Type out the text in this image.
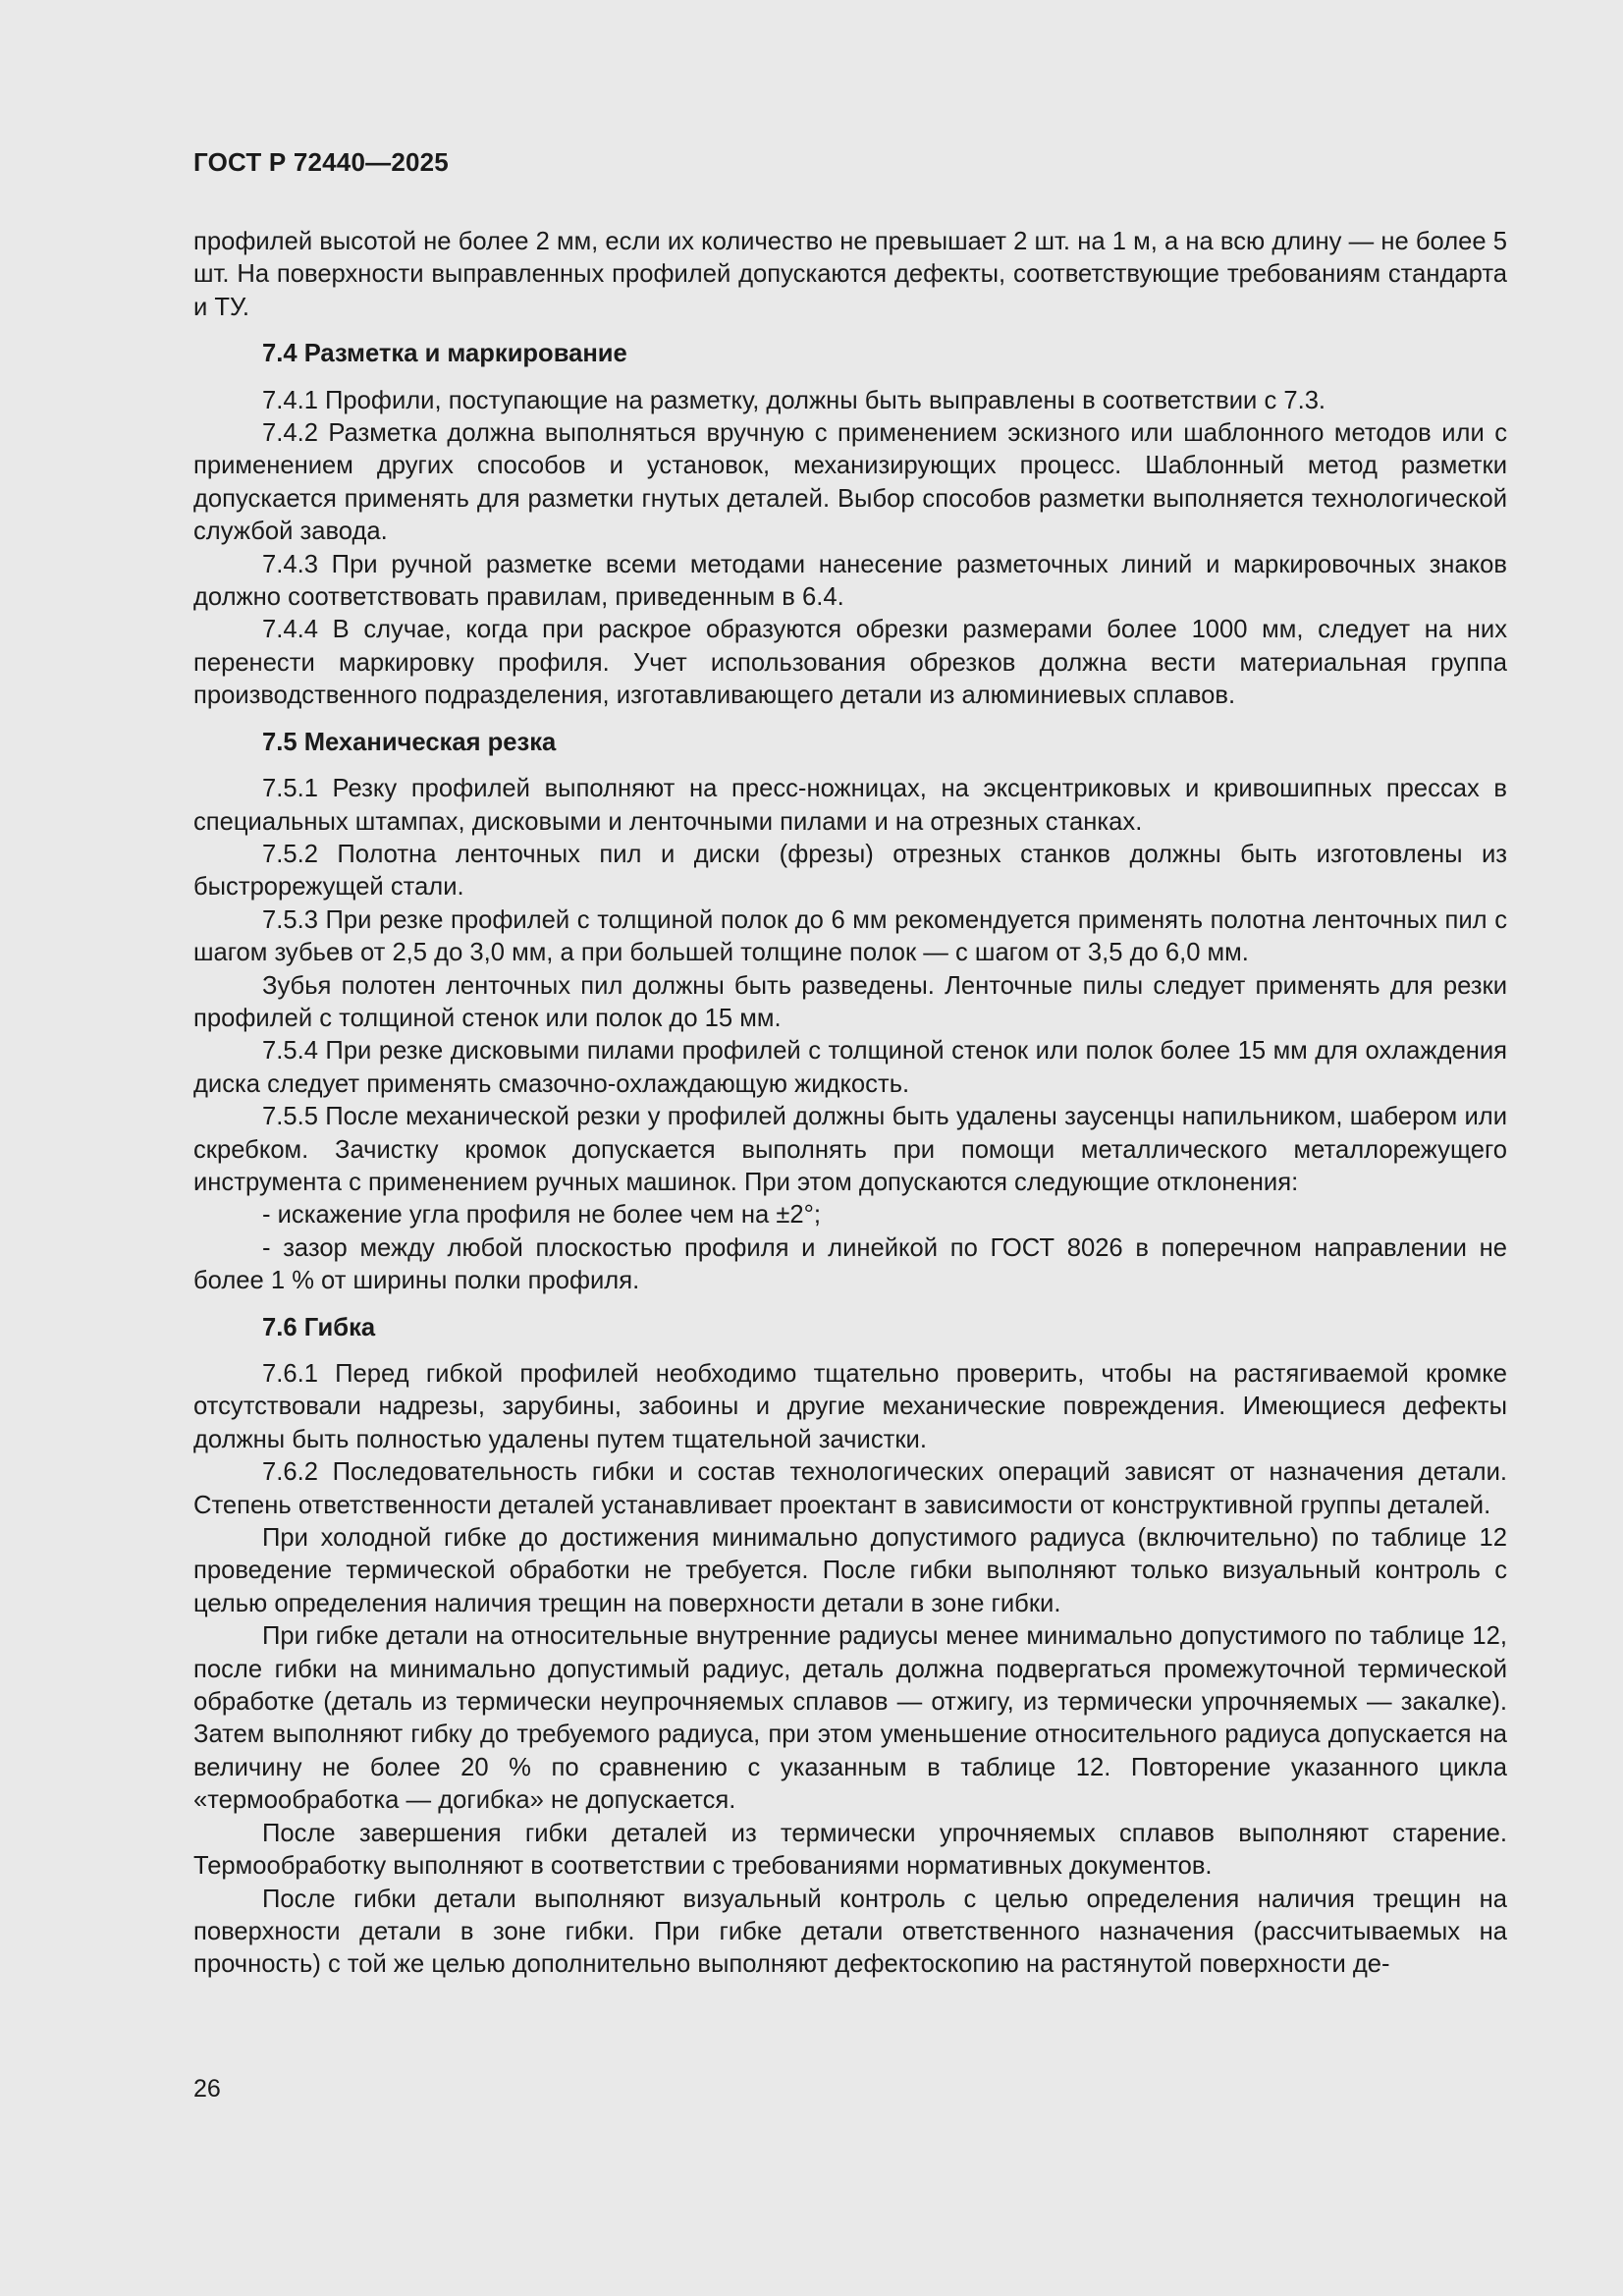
ГОСТ Р 72440—2025

профилей высотой не более 2 мм, если их количество не превышает 2 шт. на 1 м, а на всю длину — не более 5 шт. На поверхности выправленных профилей допускаются дефекты, соответствующие требованиям стандарта и ТУ.

7.4 Разметка и маркирование

7.4.1 Профили, поступающие на разметку, должны быть выправлены в соответствии с 7.3.

7.4.2 Разметка должна выполняться вручную с применением эскизного или шаблонного методов или с применением других способов и установок, механизирующих процесс. Шаблонный метод разметки допускается применять для разметки гнутых деталей. Выбор способов разметки выполняется технологической службой завода.

7.4.3 При ручной разметке всеми методами нанесение разметочных линий и маркировочных знаков должно соответствовать правилам, приведенным в 6.4.

7.4.4 В случае, когда при раскрое образуются обрезки размерами более 1000 мм, следует на них перенести маркировку профиля. Учет использования обрезков должна вести материальная группа производственного подразделения, изготавливающего детали из алюминиевых сплавов.

7.5 Механическая резка

7.5.1 Резку профилей выполняют на пресс-ножницах, на эксцентриковых и кривошипных прессах в специальных штампах, дисковыми и ленточными пилами и на отрезных станках.

7.5.2 Полотна ленточных пил и диски (фрезы) отрезных станков должны быть изготовлены из быстрорежущей стали.

7.5.3 При резке профилей с толщиной полок до 6 мм рекомендуется применять полотна ленточных пил с шагом зубьев от 2,5 до 3,0 мм, а при большей толщине полок — с шагом от 3,5 до 6,0 мм.

Зубья полотен ленточных пил должны быть разведены. Ленточные пилы следует применять для резки профилей с толщиной стенок или полок до 15 мм.

7.5.4 При резке дисковыми пилами профилей с толщиной стенок или полок более 15 мм для охлаждения диска следует применять смазочно-охлаждающую жидкость.

7.5.5 После механической резки у профилей должны быть удалены заусенцы напильником, шабером или скребком. Зачистку кромок допускается выполнять при помощи металлического металлорежущего инструмента с применением ручных машинок. При этом допускаются следующие отклонения:

- искажение угла профиля не более чем на ±2°;

- зазор между любой плоскостью профиля и линейкой по ГОСТ 8026 в поперечном направлении не более 1 % от ширины полки профиля.

7.6 Гибка

7.6.1 Перед гибкой профилей необходимо тщательно проверить, чтобы на растягиваемой кромке отсутствовали надрезы, зарубины, забоины и другие механические повреждения. Имеющиеся дефекты должны быть полностью удалены путем тщательной зачистки.

7.6.2 Последовательность гибки и состав технологических операций зависят от назначения детали. Степень ответственности деталей устанавливает проектант в зависимости от конструктивной группы деталей.

При холодной гибке до достижения минимально допустимого радиуса (включительно) по таблице 12 проведение термической обработки не требуется. После гибки выполняют только визуальный контроль с целью определения наличия трещин на поверхности детали в зоне гибки.

При гибке детали на относительные внутренние радиусы менее минимально допустимого по таблице 12, после гибки на минимально допустимый радиус, деталь должна подвергаться промежуточной термической обработке (деталь из термически неупрочняемых сплавов — отжигу, из термически упрочняемых — закалке). Затем выполняют гибку до требуемого радиуса, при этом уменьшение относительного радиуса допускается на величину не более 20 % по сравнению с указанным в таблице 12. Повторение указанного цикла «термообработка — догибка» не допускается.

После завершения гибки деталей из термически упрочняемых сплавов выполняют старение. Термообработку выполняют в соответствии с требованиями нормативных документов.

После гибки детали выполняют визуальный контроль с целью определения наличия трещин на поверхности детали в зоне гибки. При гибке детали ответственного назначения (рассчитываемых на прочность) с той же целью дополнительно выполняют дефектоскопию на растянутой поверхности де-

26
